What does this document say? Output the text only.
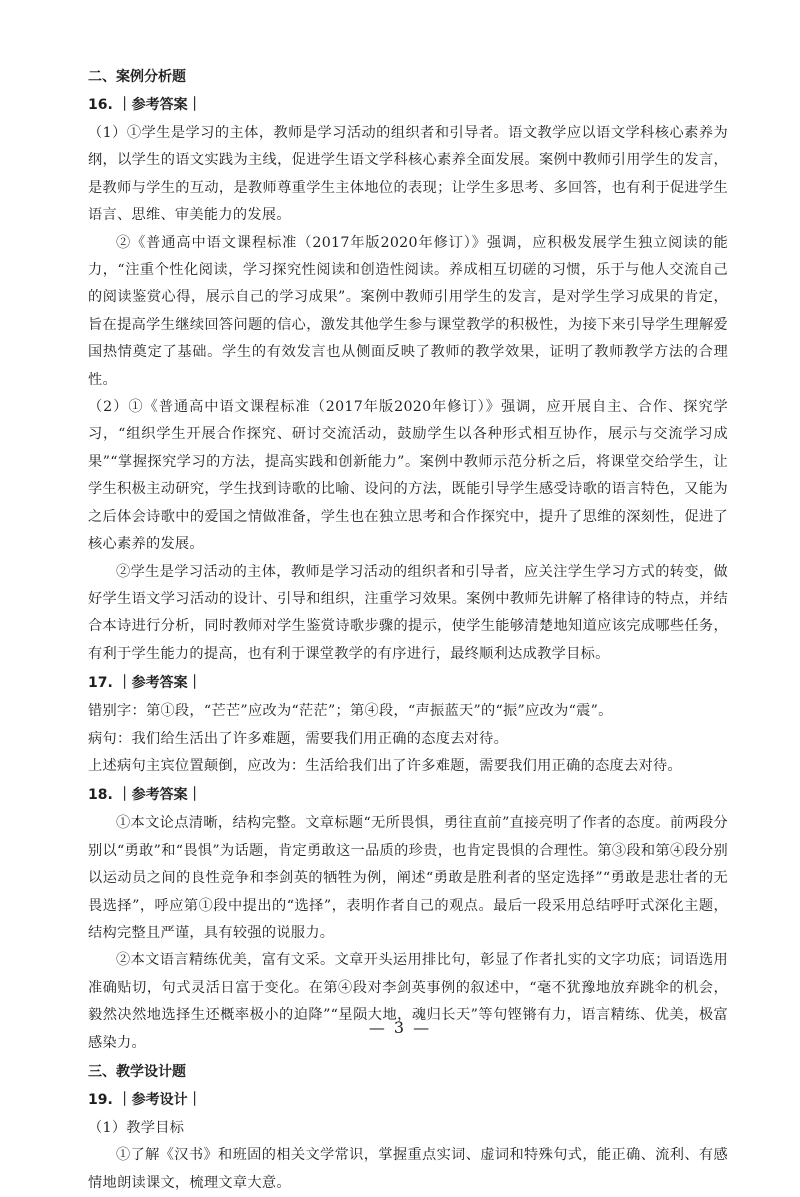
二、案例分析题
16. ｜参考答案｜

（1）①学生是学习的主体，教师是学习活动的组织者和引导者。语文教学应以语文学科核心素养为纲，以学生的语文实践为主线，促进学生语文学科核心素养全面发展。案例中教师引用学生的发言，是教师与学生的互动，是教师尊重学生主体地位的表现；让学生多思考、多回答，也有利于促进学生语言、思维、审美能力的发展。

②《普通高中语文课程标准（2017年版2020年修订）》强调，应积极发展学生独立阅读的能力，“注重个性化阅读，学习探究性阅读和创造性阅读。养成相互切磋的习惯，乐于与他人交流自己的阅读鉴赏心得，展示自己的学习成果”。案例中教师引用学生的发言，是对学生学习成果的肯定，旨在提高学生继续回答问题的信心，激发其他学生参与课堂教学的积极性，为接下来引导学生理解爱国热情奠定了基础。学生的有效发言也从侧面反映了教师的教学效果，证明了教师教学方法的合理性。

（2）①《普通高中语文课程标准（2017年版2020年修订）》强调，应开展自主、合作、探究学习，“组织学生开展合作探究、研讨交流活动，鼓励学生以各种形式相互协作，展示与交流学习成果”“掌握探究学习的方法，提高实践和创新能力”。案例中教师示范分析之后，将课堂交给学生，让学生积极主动研究，学生找到诗歌的比喻、设问的方法，既能引导学生感受诗歌的语言特色，又能为之后体会诗歌中的爱国之情做准备，学生也在独立思考和合作探究中，提升了思维的深刻性，促进了核心素养的发展。

②学生是学习活动的主体，教师是学习活动的组织者和引导者，应关注学生学习方式的转变，做好学生语文学习活动的设计、引导和组织，注重学习效果。案例中教师先讲解了格律诗的特点，并结合本诗进行分析，同时教师对学生鉴赏诗歌步骤的提示，使学生能够清楚地知道应该完成哪些任务，有利于学生能力的提高，也有利于课堂教学的有序进行，最终顺利达成教学目标。

17. ｜参考答案｜

错别字：第①段，“芒芒”应改为“茫茫”；第④段，“声振蓝天”的“振”应改为“震”。

病句：我们给生活出了许多难题，需要我们用正确的态度去对待。

上述病句主宾位置颠倒，应改为：生活给我们出了许多难题，需要我们用正确的态度去对待。

18. ｜参考答案｜

①本文论点清晰，结构完整。文章标题“无所畏惧，勇往直前”直接亮明了作者的态度。前两段分别以“勇敢”和“畏惧”为话题，肯定勇敢这一品质的珍贵，也肯定畏惧的合理性。第③段和第④段分别以运动员之间的良性竞争和李剑英的牺牲为例，阐述“勇敢是胜利者的坚定选择”“勇敢是悲壮者的无畏选择”，呼应第①段中提出的“选择”，表明作者自己的观点。最后一段采用总结呼吁式深化主题，结构完整且严谨，具有较强的说服力。

②本文语言精练优美，富有文采。文章开头运用排比句，彰显了作者扎实的文字功底；词语选用准确贴切，句式灵活日富于变化。在第④段对李剑英事例的叙述中，“毫不犹豫地放弃跳伞的机会，毅然决然地选择生还概率极小的迫降”“星陨大地，魂归长天”等句铿锵有力，语言精练、优美，极富感染力。

三、教学设计题
19. ｜参考设计｜

（1）教学目标

①了解《汉书》和班固的相关文学常识，掌握重点实词、虚词和特殊句式，能正确、流利、有感情地朗读课文，梳理文章大意。

— 3 —
